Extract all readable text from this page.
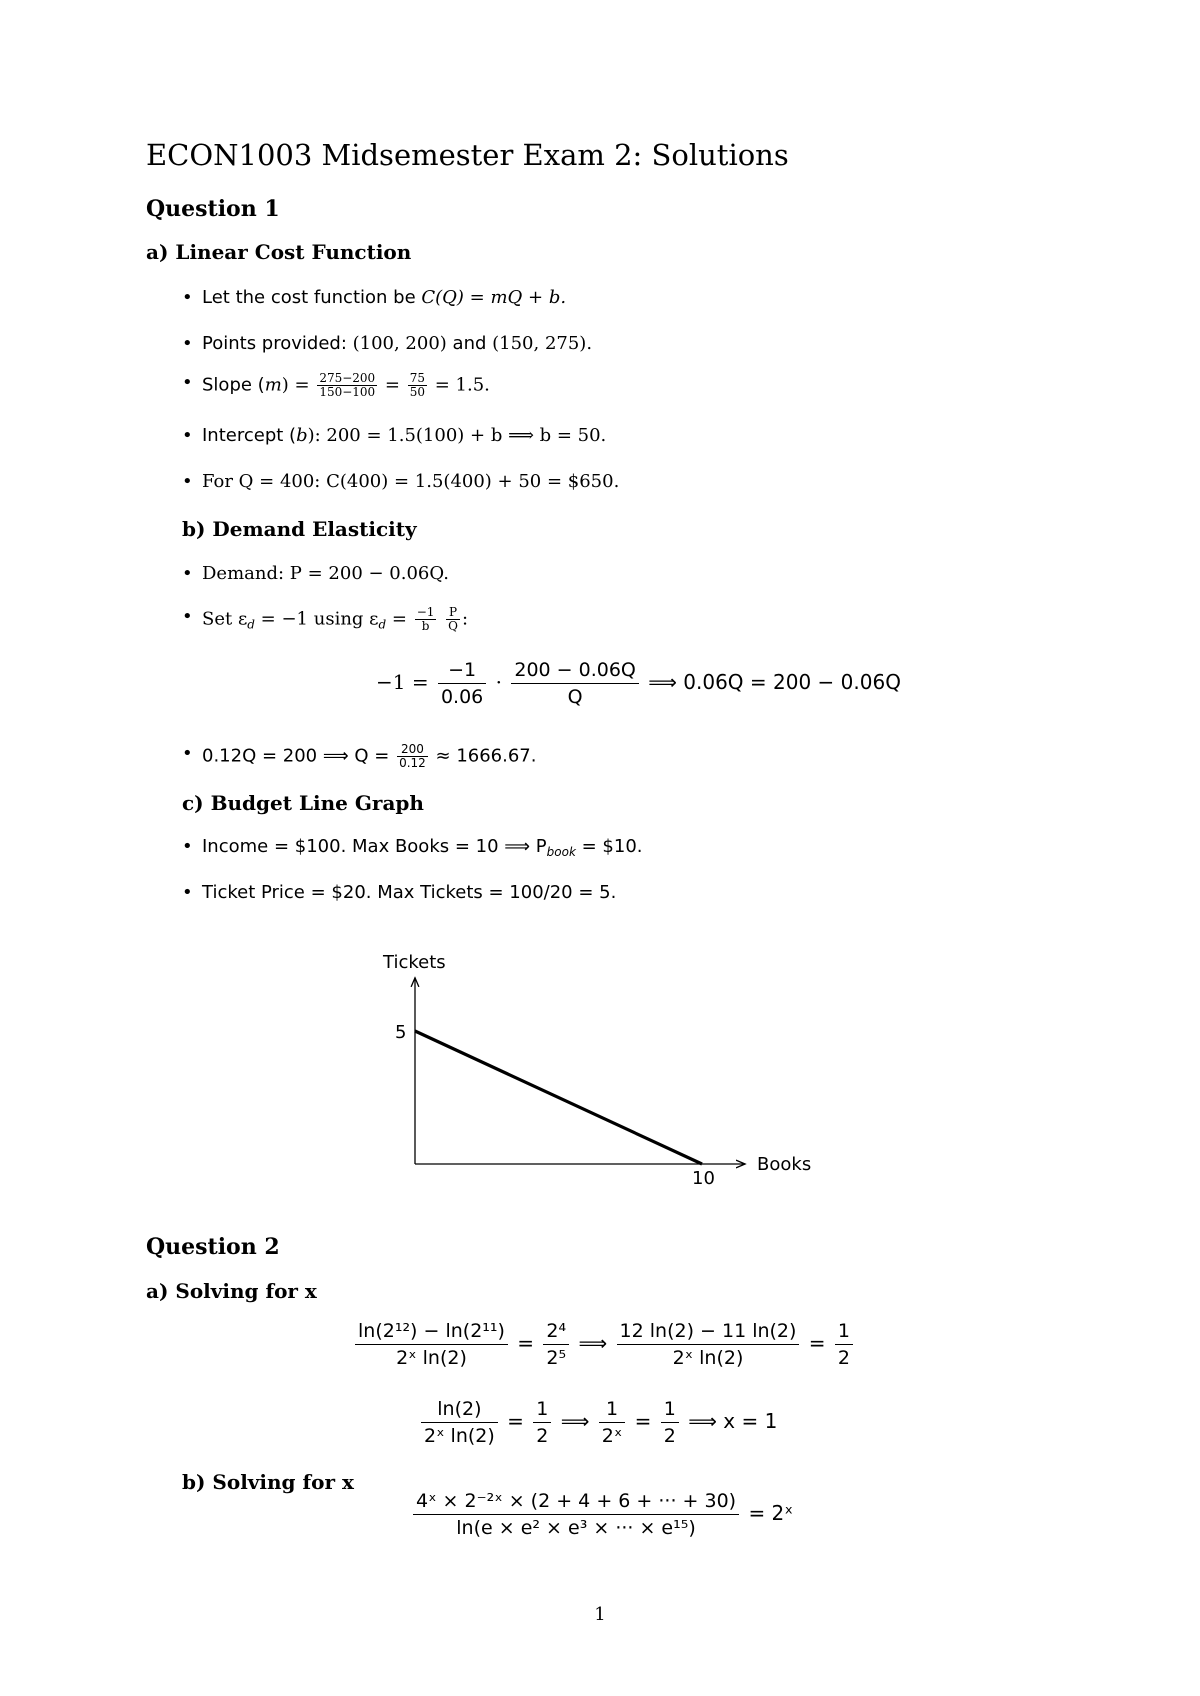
ECON1003 Midsemester Exam 2: Solutions
Question 1
a) Linear Cost Function
• Let the cost function be C(Q) = mQ + b.
• Points provided: (100, 200) and (150, 275).
• Slope $(m) = \frac{275-200}{150-100} = \frac{75}{50} = 1.5$.
• Intercept (b): 200 = 1.5(100) + b ⟹ b = 50.
• For Q = 400: C(400) = 1.5(400) + 50 = $650.
b) Demand Elasticity
• Demand: P = 200 − 0.06Q.
• Set $\varepsilon_d = -1$ using $\varepsilon_d = \frac{-1}{b}$
$\frac{P}{Q}$ :
$-1 = \frac{-1}{0.06} \cdot \frac{200 - 0.06Q}{Q}$ ⟹ 0.06Q = 200 − 0.06Q
• 0.12Q = 200 ⟹ $Q = \frac{200}{0.12} \approx 1666.67$.
c) Budget Line Graph
• Income = $100. Max Books = 10 ⟹ $P_{book}$ = $10.
• Ticket Price = $20. Max Tickets = 100/20 = 5.
Books
Tickets
5
10
Question 2
a) Solving for x
$\frac{\text{ln(2¹²) − ln(2¹¹)}}{\text{2ˣ ln(2)}} = \frac{\text{2⁴}}{\text{2⁵}}$ ⟹ $\frac{12 \ln(2) - 11 \ln(2)}{\text{2ˣ ln(2)}} = \frac{1}{2}$
$\frac{\ln(2)}{\text{2ˣ ln(2)}} = \frac{1}{2}$ ⟹ $\frac{1}{\text{2ˣ}} = \frac{1}{2}$ ⟹ x = 1
b) Solving for x
$\frac{\text{4ˣ × 2⁻²ˣ × (2 + 4 + 6 + ··· + 30)}}{\text{ln(e × e² × e³ × ··· × e¹⁵)}}$ = 2ˣ
1
